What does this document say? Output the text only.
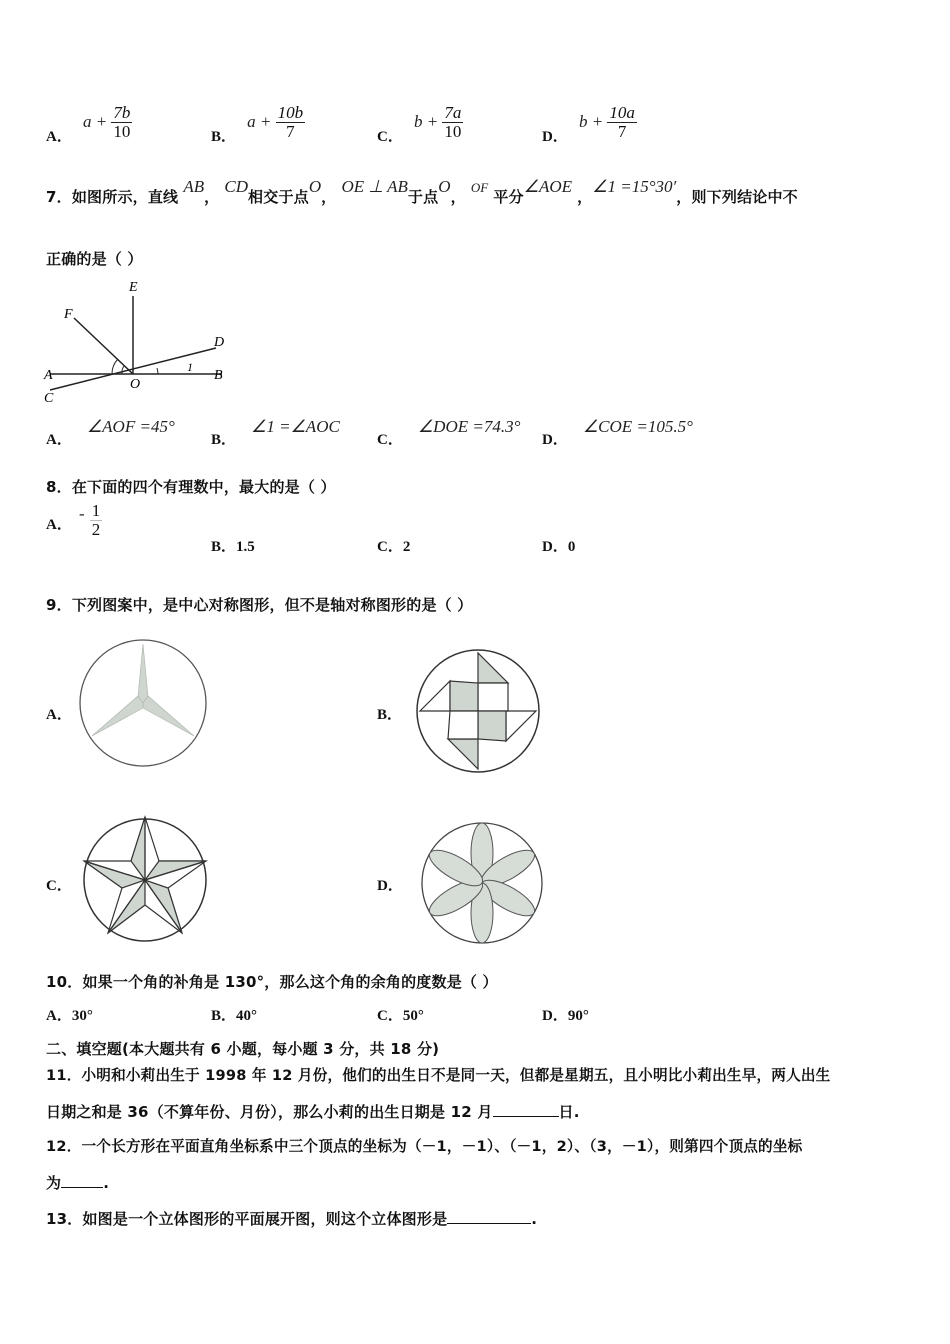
A． $a + \frac{7b}{10}$	B． $a + \frac{10b}{7}$	C． $b + \frac{7a}{10}$	D． $b + \frac{10a}{7}$
7．如图所示，直线 AB， CD相交于点O， OE ⊥ AB于点O， $^{OF}$ 平分∠AOE ，∠1 =15°30′，则下列结论中不
正确的是（ ）
E
F
D
A	B
C
O
1
A． ∠AOF =45°
B． ∠1 =∠AOC
C． ∠DOE =74.3°
D． ∠COE =105.5°
8．在下面的四个有理数中，最大的是（ ）
A． - $\frac{1}{2}$
B．1.5	C．2	D．0
9．下列图案中，是中心对称图形，但不是轴对称图形的是（ ）
A．	B．
C．	D．
10．如果一个角的补角是 130°，那么这个角的余角的度数是（ ）
A．30°	B．40°	C．50°	D．90°
二、填空题(本大题共有 6 小题，每小题 3 分，共 18 分)
11．小明和小莉出生于 1998 年 12 月份，他们的出生日不是同一天，但都是星期五，且小明比小莉出生早，两人出生
日期之和是 36（不算年份、月份），那么小莉的出生日期是 12 月	日.
12．一个长方形在平面直角坐标系中三个顶点的坐标为（－1，－1）、（－1，2）、（3，－1），则第四个顶点的坐标
为	.
13．如图是一个立体图形的平面展开图，则这个立体图形是	.
